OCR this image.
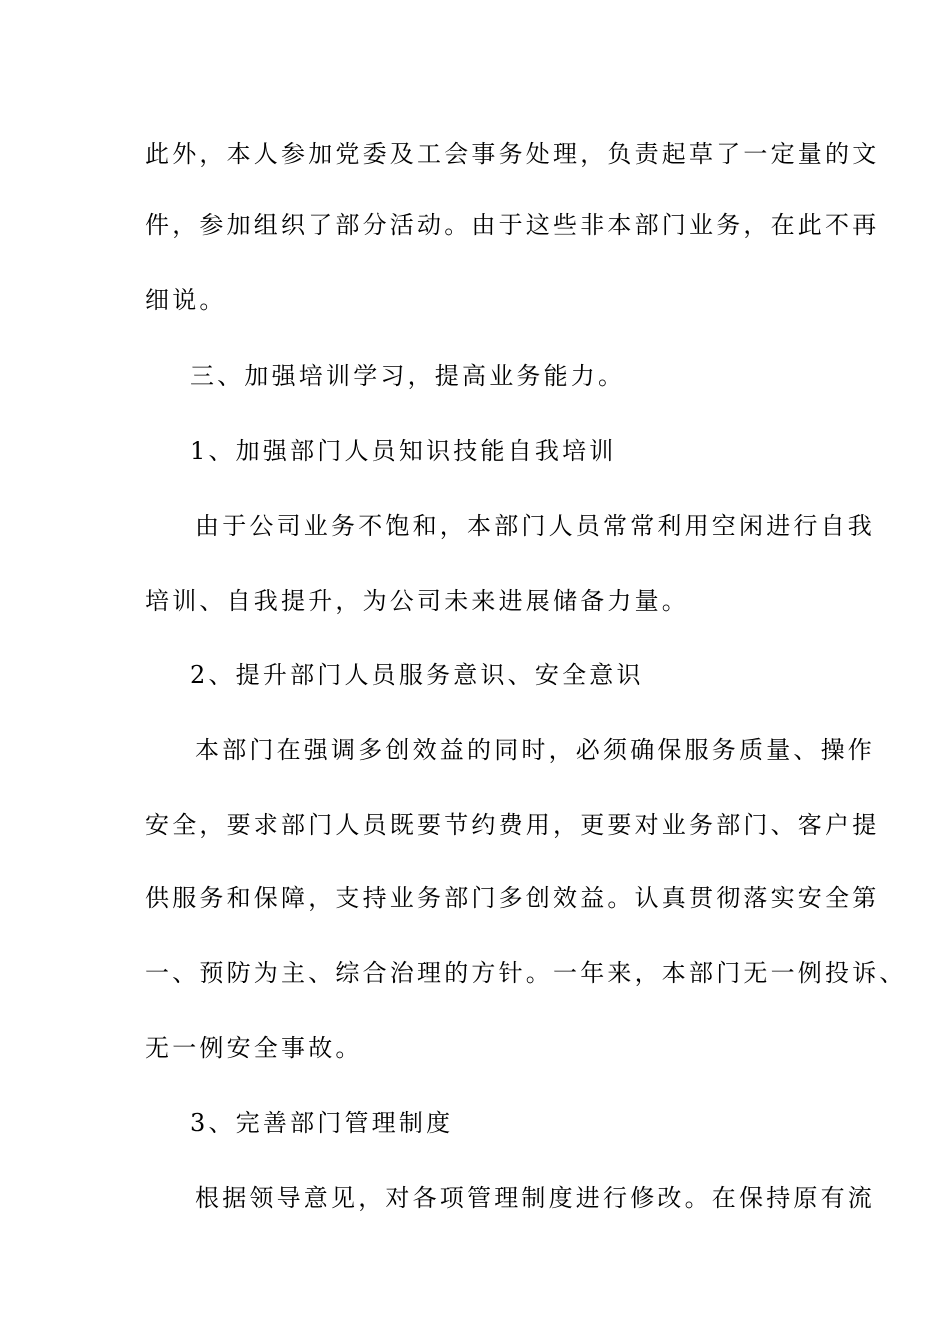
此外，本人参加党委及工会事务处理，负责起草了一定量的文
件，参加组织了部分活动。由于这些非本部门业务，在此不再
细说。
三、加强培训学习，提高业务能力。
1、加强部门人员知识技能自我培训
由于公司业务不饱和，本部门人员常常利用空闲进行自我
培训、自我提升，为公司未来进展储备力量。
2、提升部门人员服务意识、安全意识
本部门在强调多创效益的同时，必须确保服务质量、操作
安全，要求部门人员既要节约费用，更要对业务部门、客户提
供服务和保障，支持业务部门多创效益。认真贯彻落实安全第
一、预防为主、综合治理的方针。一年来，本部门无一例投诉、
无一例安全事故。
3、完善部门管理制度
根据领导意见，对各项管理制度进行修改。在保持原有流
